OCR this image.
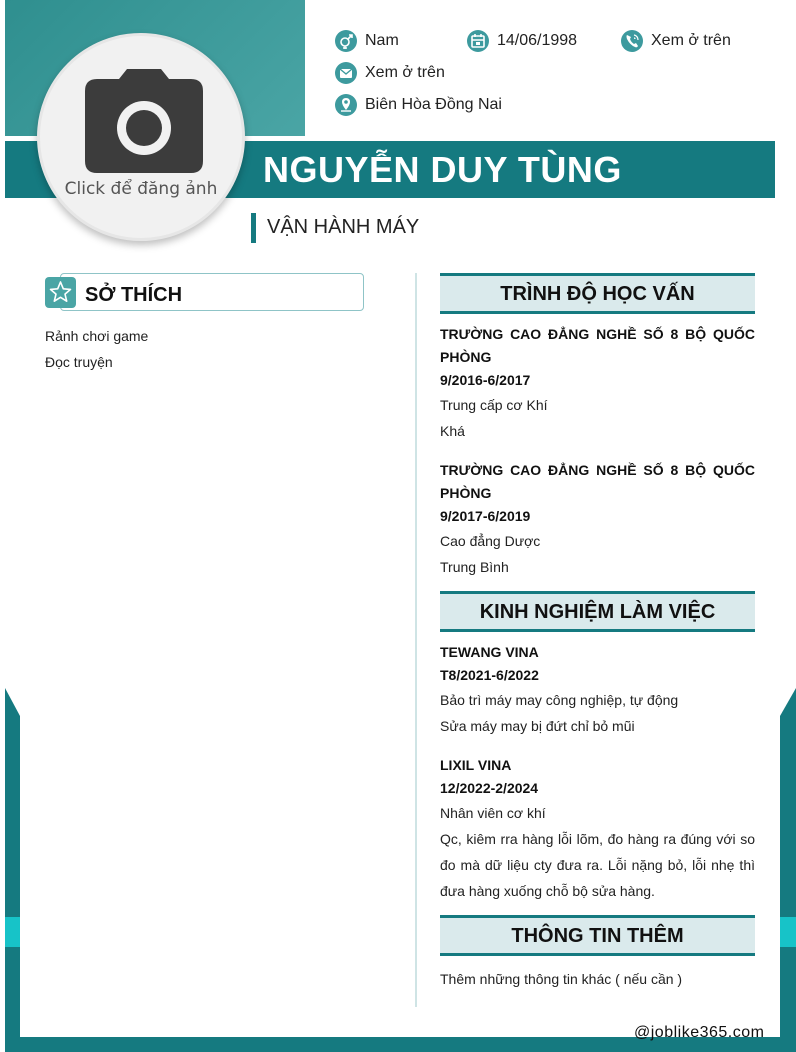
Click để đăng ảnh
Nam	14/06/1998	Xem ở trên
Xem ở trên
Biên Hòa Đồng Nai
NGUYỄN DUY TÙNG
VẬN HÀNH MÁY
SỞ THÍCH
Rảnh chơi game
Đọc truyện
TRÌNH ĐỘ HỌC VẤN
TRƯỜNG CAO ĐẲNG NGHỀ SỐ 8 BỘ QUỐC
PHÒNG
9/2016-6/2017
Trung cấp cơ Khí
Khá
TRƯỜNG CAO ĐẲNG NGHỀ SỐ 8 BỘ QUỐC
PHÒNG
9/2017-6/2019
Cao đẳng Dược
Trung Bình
KINH NGHIỆM LÀM VIỆC
TEWANG VINA
T8/2021-6/2022
Bảo trì máy may công nghiệp, tự động
Sửa máy may bị đứt chỉ bỏ mũi
LIXIL VINA
12/2022-2/2024
Nhân viên cơ khí
Qc, kiêm rra hàng lỗi lõm, đo hàng ra đúng với so đo mà dữ liệu cty đưa ra. Lỗi nặng bỏ, lỗi nhẹ thì đưa hàng xuống chỗ bộ sửa hàng.
THÔNG TIN THÊM
Thêm những thông tin khác ( nếu cần )
@joblike365.com
